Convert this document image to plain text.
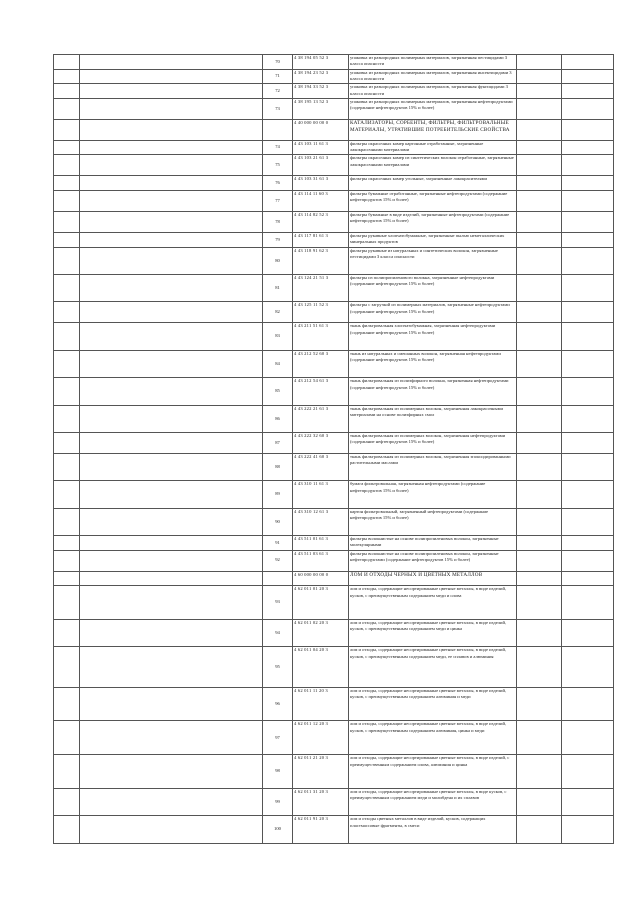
		70	4 38 194 05 52 3	упаковка из разнородных полимерных материалов, загрязненная пестицидами 3 класса опасности		
		71	4 38 194 23 52 3	упаковка из разнородных полимерных материалов, загрязненная инсектицидами 3 класса опасности		
		72	4 38 194 33 52 3	упаковка из разнородных полимерных материалов, загрязненная фунгицидами 3 класса опасности		
		73	4 38 195 13 52 3	упаковка из разнородных полимерных материалов, загрязненная нефтепродуктами (содержание нефтепродуктов 15% и более)		
			4 40 000 00 00 0	КАТАЛИЗАТОРЫ, СОРБЕНТЫ, ФИЛЬТРЫ, ФИЛЬТРОВАЛЬНЫЕ МАТЕРИАЛЫ, УТРАТИВШИЕ ПОТРЕБИТЕЛЬСКИЕ СВОЙСТВА		
		74	4 43 103 11 61 3	фильтры окрасочных камер картонные отработанные, загрязненные лакокрасочными материалами		
		75	4 43 103 21 61 3	фильтры окрасочных камер из синтетических волокон отработанные, загрязненные лакокрасочными материалами		
		76	4 43 103 31 61 3	фильтры окрасочных камер угольные, загрязненные лакокрасителями		
		77	4 43 114 11 60 3	фильтры бумажные отработанные, загрязненные нефтепродуктами (содержание нефтепродуктов 15% и более)		
		78	4 43 114 82 52 3	фильтры бумажные в виде изделий, загрязненные нефтепродуктами (содержание нефтепродуктов 15% и более)		
		79	4 43 117 81 61 3	фильтры рукавные хлопчатобумажные, загрязненные пылью неметаллических минеральных продуктов		
		80	4 43 118 91 62 3	фильтры рукавные из натуральных и синтетических волокон, загрязненные пестицидами 3 класса опасности		
		81	4 43 124 21 51 3	фильтры из полипропиленового волокна, загрязненные нефтепродуктами (содержание нефтепродуктов 15% и более)		
		82	4 43 125 11 52 3	фильтры с загрузкой из полимерных материалов, загрязненные нефтепродуктами (содержание нефтепродуктов 15% и более)		
		83	4 43 211 51 61 3	ткань фильтровальная хлопчатобумажная, загрязненная нефтепродуктами (содержание нефтепродуктов 15% и более)		
		84	4 43 212 52 60 3	ткань из натуральных и смешанных волокон, загрязненная нефтепродуктами (содержание нефтепродуктов 15% и более)		
		85	4 43 212 54 61 3	ткань фильтровальная из полиэфирного волокна, загрязненная нефтепродуктами (содержание нефтепродуктов 15% и более)		
		86	4 43 222 21 61 3	ткань фильтровальная из полимерных волокон, загрязненная лакокрасочными материалами на основе полиэфирных смол		
		87	4 43 222 32 60 3	ткань фильтровальная из полимерных волокон, загрязненная нефтепродуктами (содержание нефтепродуктов 15% и более)		
		88	4 43 222 41 60 3	ткань фильтровальная из полимерных волокон, загрязненная эпоксидированными растительными маслами		
		89	4 43 310 11 61 3	бумага фильтровальная, загрязненная нефтепродуктами (содержание нефтепродуктов 15% и более)		
		90	4 43 310 12 61 3	картон фильтровальный, загрязненный нефтепродуктами (содержание нефтепродуктов 15% и более)		
		91	4 43 511 01 61 3	фильтры волокнистые на основе полипропиленовых волокон, загрязненные молекулярными		
		92	4 43 511 03 61 3	фильтры волокнистые на основе полипропиленовых волокон, загрязненные нефтепродуктами (содержание нефтепродуктов 15% и более)		
			4 60 000 00 00 0	ЛОМ И ОТХОДЫ ЧЕРНЫХ И ЦВЕТНЫХ МЕТАЛЛОВ		
		93	4 62 011 01 20 3	лом и отходы, содержащие несортированные цветные металлы, в виде изделий, кусков, с преимущественным содержанием меди и олова		
		94	4 62 011 02 20 3	лом и отходы, содержащие несортированные цветные металлы, в виде изделий, кусков, с преимущественным содержанием меди и цинка		
		95	4 62 011 04 20 3	лом и отходы, содержащие несортированные цветные металлы, в виде изделий, кусков, с преимущественным содержанием меди, ее сплавов и алюминия		
		96	4 62 011 11 20 3	лом и отходы, содержащие несортированные цветные металлы, в виде изделий, кусков, с преимущественным содержанием алюминия и меди		
		97	4 62 011 12 20 3	лом и отходы, содержащие несортированные цветные металлы, в виде изделий, кусков, с преимущественным содержанием алюминия, цинка и меди		
		98	4 62 011 21 20 3	лом и отходы, содержащие несортированные цветные металлы, в виде изделий, с преимущественным содержанием олова, алюминия и цинка		
		99	4 62 011 31 20 3	лом и отходы, содержащие несортированные цветные металлы, в виде кусков, с преимущественным содержанием меди и молибдена и их сплавов		
		100	4 62 011 91 20 3	лом и отходы цветных металлов в виде изделий, кусков, содержащих пластмассовые фрагменты, в смеси		
